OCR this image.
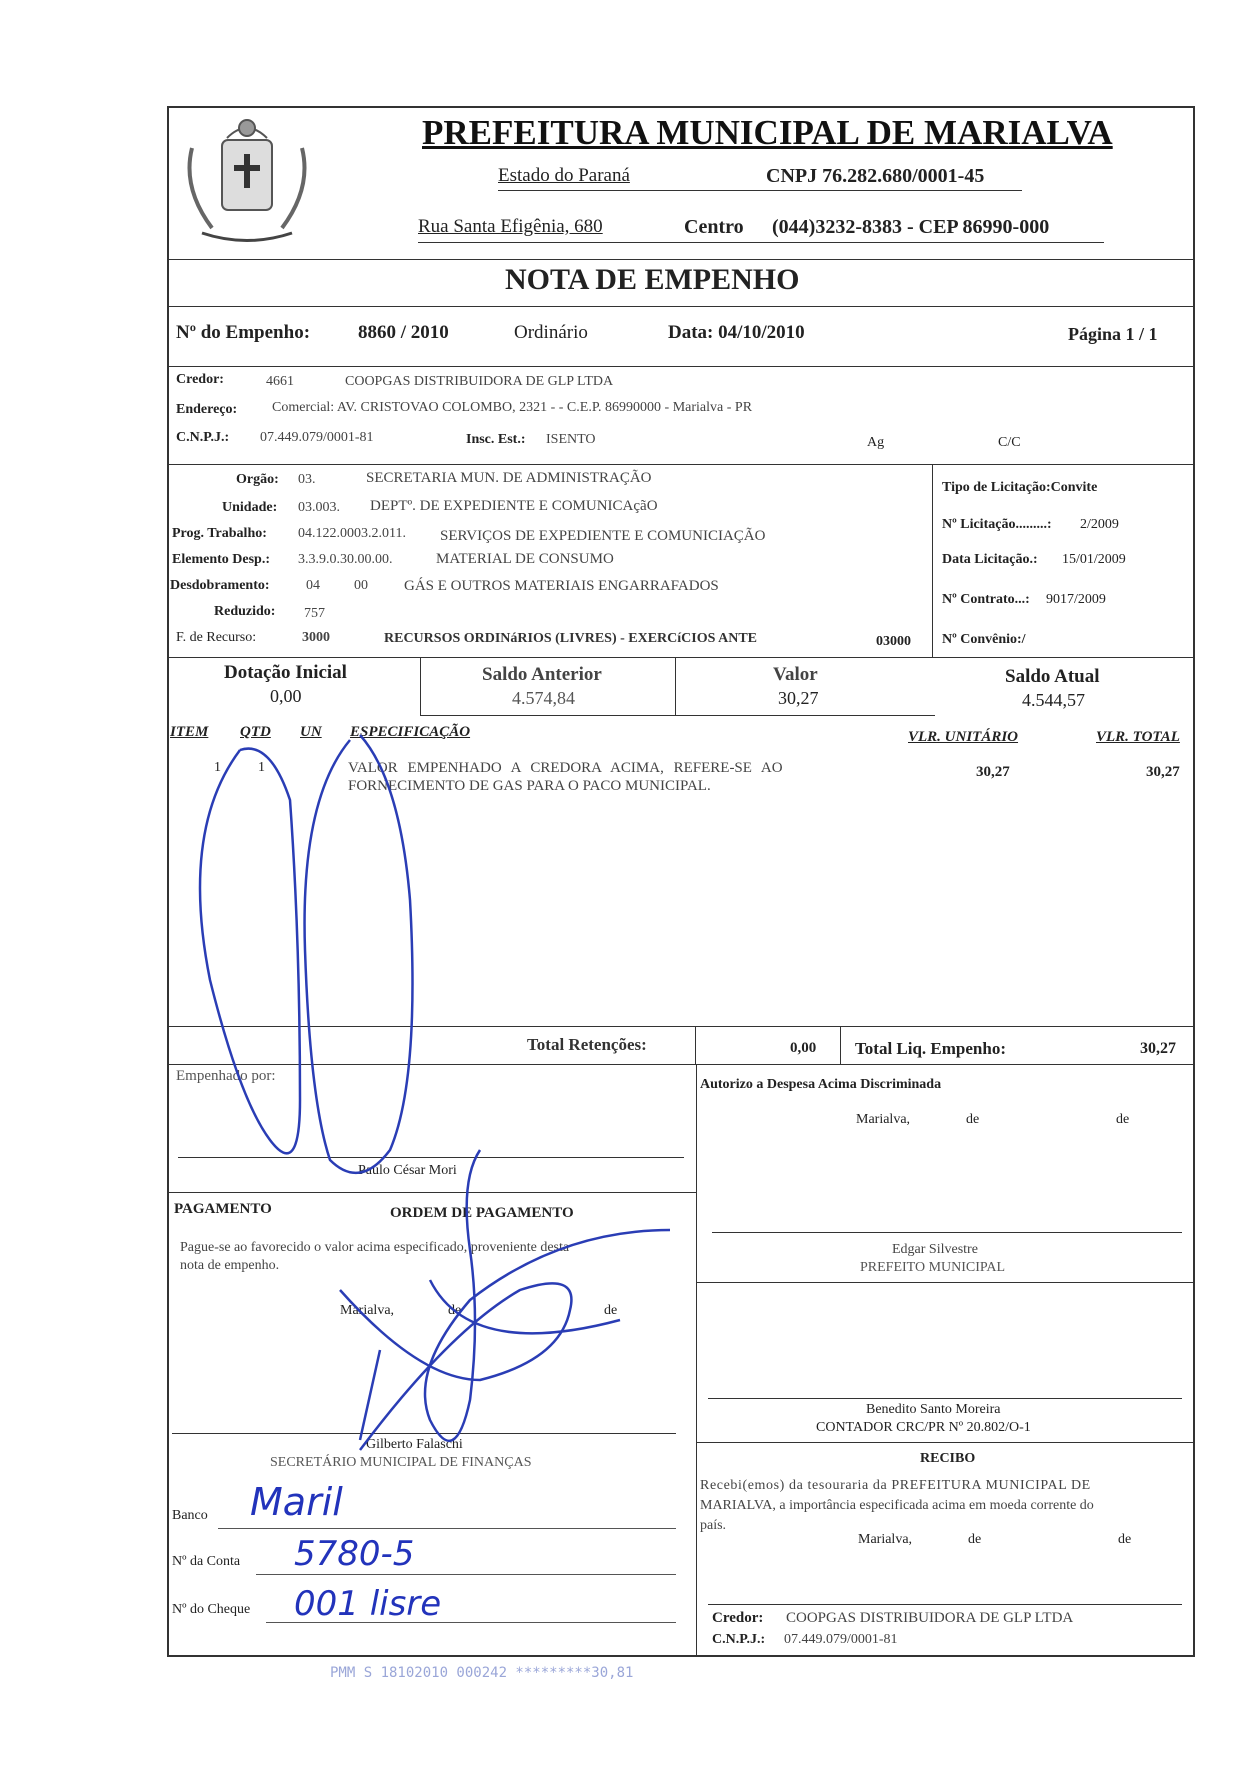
PREFEITURA MUNICIPAL DE MARIALVA
Estado do Paraná	CNPJ 76.282.680/0001-45
Rua Santa Efigênia, 680	Centro (044)3232-8383 - CEP 86990-000
NOTA DE EMPENHO
Nº do Empenho:	8860 / 2010	Ordinário	Data: 04/10/2010	Página 1 / 1
Credor:	4661	COOPGAS DISTRIBUIDORA DE GLP LTDA
Endereço: Comercial: AV. CRISTOVAO COLOMBO, 2321 - - C.E.P. 86990000 - Marialva - PR
C.N.P.J.: 07.449.079/0001-81	Insc. Est.: ISENTO	Ag	C/C
Orgão: 03.	SECRETARIA MUN. DE ADMINISTRAÇÃO
Unidade: 03.003. DEPTº. DE EXPEDIENTE E COMUNICAçãO
Prog. Trabalho: 04.122.0003.2.011. SERVIÇOS DE EXPEDIENTE E COMUNICIAÇÃO
Elemento Desp.: 3.3.9.0.30.00.00.	MATERIAL DE CONSUMO
Desdobramento:	04 00 GÁS E OUTROS MATERIAIS ENGARRAFADOS
Reduzido: 757
F. de Recurso:	3000	RECURSOS ORDINáRIOS (LIVRES) - EXERCíCIOS ANTE	03000
Tipo de Licitação:Convite
Nº Licitação.........: 2/2009
Data Licitação.: 15/01/2009
Nº Contrato...: 9017/2009
Nº Convênio:/
Dotação Inicial
0,00
Saldo Anterior
4.574,84
Valor
30,27
Saldo Atual
4.544,57
ITEM QTD UN ESPECIFICAÇÃO	VLR. UNITÁRIO	VLR. TOTAL
1	1	VALOR EMPENHADO A CREDORA ACIMA, REFERE-SE AO
FORNECIMENTO DE GAS PARA O PACO MUNICIPAL.
30,27	30,27
Total Retenções:	0,00 Total Liq. Empenho:	30,27
Empenhado por:
Paulo César Mori
Autorizo a Despesa Acima Discriminada
Marialva,	de	de
PAGAMENTO	ORDEM DE PAGAMENTO
Pague-se ao favorecido o valor acima especificado, proveniente desta
nota de empenho.
Marialva,	de	de
Gilberto Falaschi
SECRETÁRIO MUNICIPAL DE FINANÇAS
Edgar Silvestre
PREFEITO MUNICIPAL
Benedito Santo Moreira
CONTADOR CRC/PR Nº 20.802/O-1
RECIBO
Recebi(emos) da tesouraria da PREFEITURA MUNICIPAL DE
MARIALVA, a importância especificada acima em moeda corrente do
país.
Marialva,	de	de
Credor: COOPGAS DISTRIBUIDORA DE GLP LTDA
C.N.P.J.: 07.449.079/0001-81
Banco Maril
Nº da Conta 5780-5
Nº do Cheque 001 lisre
PMM S 18102010 000242 *********30,81
